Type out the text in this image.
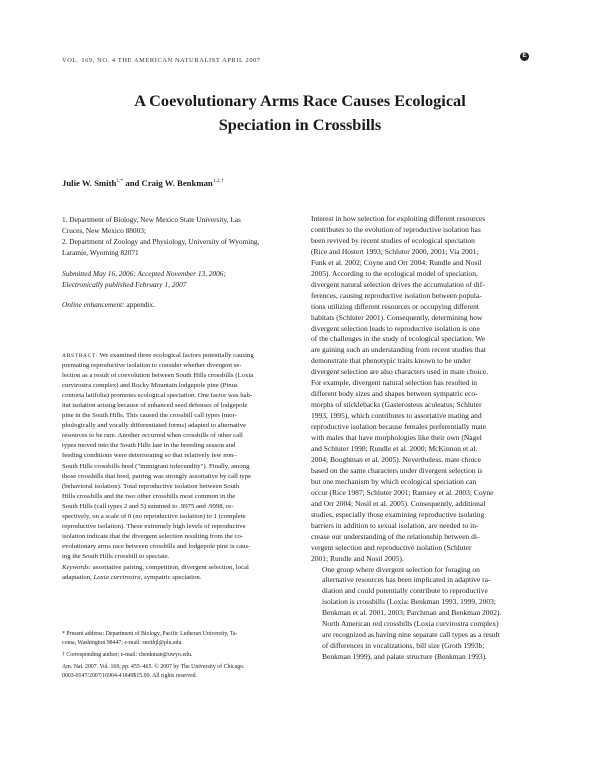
VOL. 169, NO. 4 THE AMERICAN NATURALIST APRIL 2007
E
A Coevolutionary Arms Race Causes Ecological
Speciation in Crossbills
Julie W. Smith$^{1,*}$ and Craig W. Benkman$^{1,2,\dagger}$
1. Department of Biology, New Mexico State University, Las
Cruces, New Mexico 88003;
2. Department of Zoology and Physiology, University of Wyoming,
Laramie, Wyoming 82071
Submitted May 16, 2006; Accepted November 13, 2006;
Electronically published February 1, 2007
Online enhancement: appendix.
ABSTRACT: We examined three ecological factors potentially causing
premating reproductive isolation to consider whether divergent se-
lection as a result of coevolution between South Hills crossbills (Loxia
curvirostra complex) and Rocky Mountain lodgepole pine (Pinus
contorta latifolia) promotes ecological speciation. One factor was hab-
itat isolation arising because of enhanced seed defenses of lodgepole
pine in the South Hills. This caused the crossbill call types (mor-
phologically and vocally differentiated forms) adapted to alternative
resources to be rare. Another occurred when crossbills of other call
types moved into the South Hills late in the breeding season and
feeding conditions were deteriorating so that relatively few non–
South Hills crossbills bred ("immigrant infecundity"). Finally, among
those crossbills that bred, pairing was strongly assortative by call type
(behavioral isolation). Total reproductive isolation between South
Hills crossbills and the two other crossbills most common in the
South Hills (call types 2 and 5) summed to .9975 and .9998, re-
spectively, on a scale of 0 (no reproductive isolation) to 1 (complete
reproductive isolation). These extremely high levels of reproductive
isolation indicate that the divergent selection resulting from the co-
evolutionary arms race between crossbills and lodgepole pine is caus-
ing the South Hills crossbill to speciate.
Keywords: assortative pairing, competition, divergent selection, local
adaptation, Loxia curvirostra, sympatric speciation.
* Present address: Department of Biology, Pacific Lutheran University, Ta-
coma, Washington 98447; e-mail: smithjl@plu.edu.
† Corresponding author; e-mail: cbenkman@uwyo.edu.
Am. Nat. 2007. Vol. 169, pp. 455–465. © 2007 by The University of Chicago.
0003-0147/2007/16904-41849$15.00. All rights reserved.

Interest in how selection for exploiting different resources
contributes to the evolution of reproductive isolation has
been revived by recent studies of ecological speciation
(Rice and Hostert 1993; Schluter 2000, 2001; Via 2001;
Funk et al. 2002; Coyne and Orr 2004; Rundle and Nosil
2005). According to the ecological model of speciation,
divergent natural selection drives the accumulation of dif-
ferences, causing reproductive isolation between popula-
tions utilizing different resources or occupying different
habitats (Schluter 2001). Consequently, determining how
divergent selection leads to reproductive isolation is one
of the challenges in the study of ecological speciation. We
are gaining such an understanding from recent studies that
demonstrate that phenotypic traits known to be under
divergent selection are also characters used in mate choice.
For example, divergent natural selection has resulted in
different body sizes and shapes between sympatric eco-
morphs of sticklebacks (Gasterosteus aculeatus; Schluter
1993, 1995), which contributes to assortative mating and
reproductive isolation because females preferentially mate
with males that have morphologies like their own (Nagel
and Schluter 1998; Rundle et al. 2000; McKinnon et al.
2004; Boughman et al. 2005). Nevertheless, mate choice
based on the same characters under divergent selection is
but one mechanism by which ecological speciation can
occur (Rice 1987; Schluter 2001; Ramsey et al. 2003; Coyne
and Orr 2004; Nosil et al. 2005). Consequently, additional
studies, especially those examining reproductive isolating
barriers in addition to sexual isolation, are needed to in-
crease our understanding of the relationship between di-
vergent selection and reproductive isolation (Schluter
2001; Rundle and Nosil 2005).

One group where divergent selection for foraging on
alternative resources has been implicated in adaptive ra-
diation and could potentially contribute to reproductive
isolation is crossbills (Loxia: Benkman 1993, 1999, 2003;
Benkman et al. 2001, 2003; Parchman and Benkman 2002).
North American red crossbills (Loxia curvirostra complex)
are recognized as having nine separate call types as a result
of differences in vocalizations, bill size (Groth 1993b;
Benkman 1999), and palate structure (Benkman 1993).
